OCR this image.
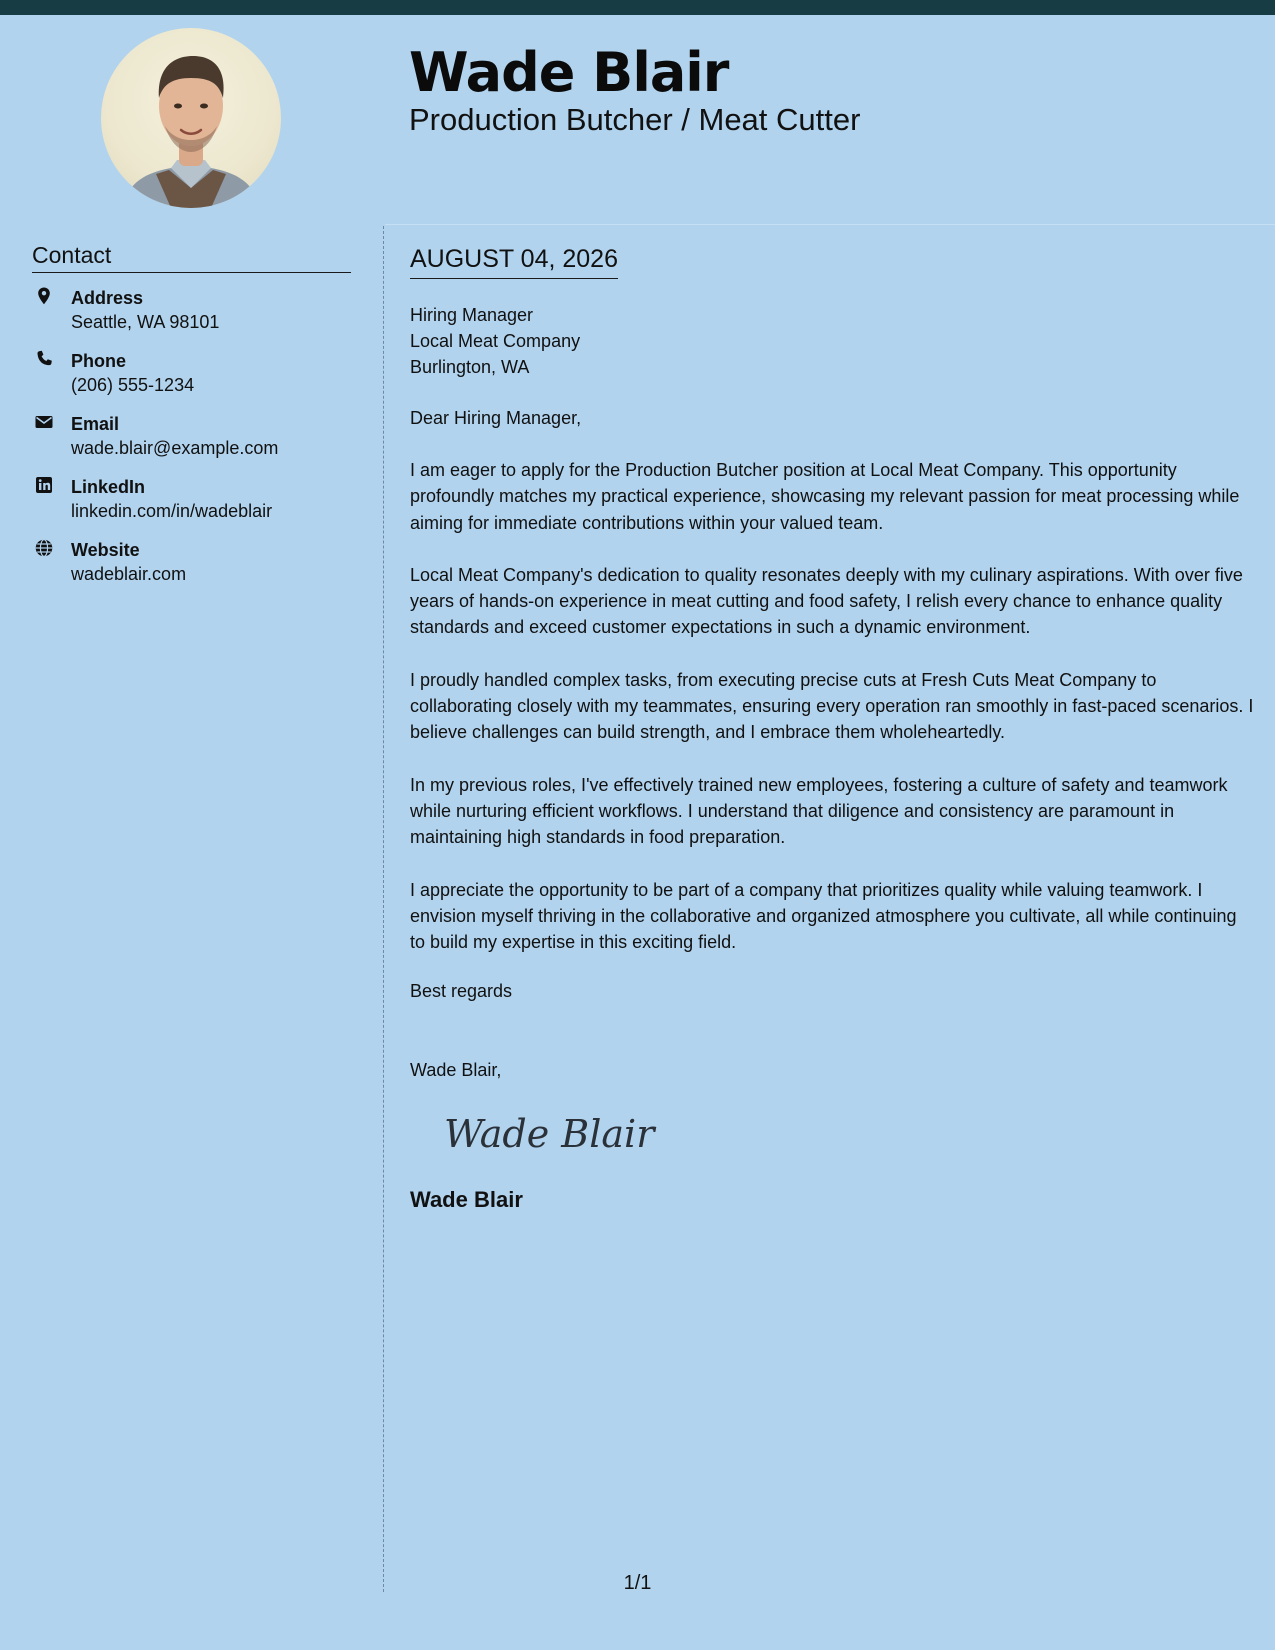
Wade Blair
Production Butcher / Meat Cutter
Contact
Address
Seattle, WA 98101
Phone
(206) 555-1234
Email
wade.blair@example.com
LinkedIn
linkedin.com/in/wadeblair
Website
wadeblair.com
AUGUST 04, 2026
Hiring Manager
Local Meat Company
Burlington, WA

Dear Hiring Manager,

I am eager to apply for the Production Butcher position at Local Meat Company. This opportunity profoundly matches my practical experience, showcasing my relevant passion for meat processing while aiming for immediate contributions within your valued team.

Local Meat Company's dedication to quality resonates deeply with my culinary aspirations. With over five years of hands-on experience in meat cutting and food safety, I relish every chance to enhance quality standards and exceed customer expectations in such a dynamic environment.

I proudly handled complex tasks, from executing precise cuts at Fresh Cuts Meat Company to collaborating closely with my teammates, ensuring every operation ran smoothly in fast-paced scenarios. I believe challenges can build strength, and I embrace them wholeheartedly.

In my previous roles, I've effectively trained new employees, fostering a culture of safety and teamwork while nurturing efficient workflows. I understand that diligence and consistency are paramount in maintaining high standards in food preparation.

I appreciate the opportunity to be part of a company that prioritizes quality while valuing teamwork. I envision myself thriving in the collaborative and organized atmosphere you cultivate, all while continuing to build my expertise in this exciting field.

Best regards

Wade Blair,

Wade Blair

Wade Blair

1/1
